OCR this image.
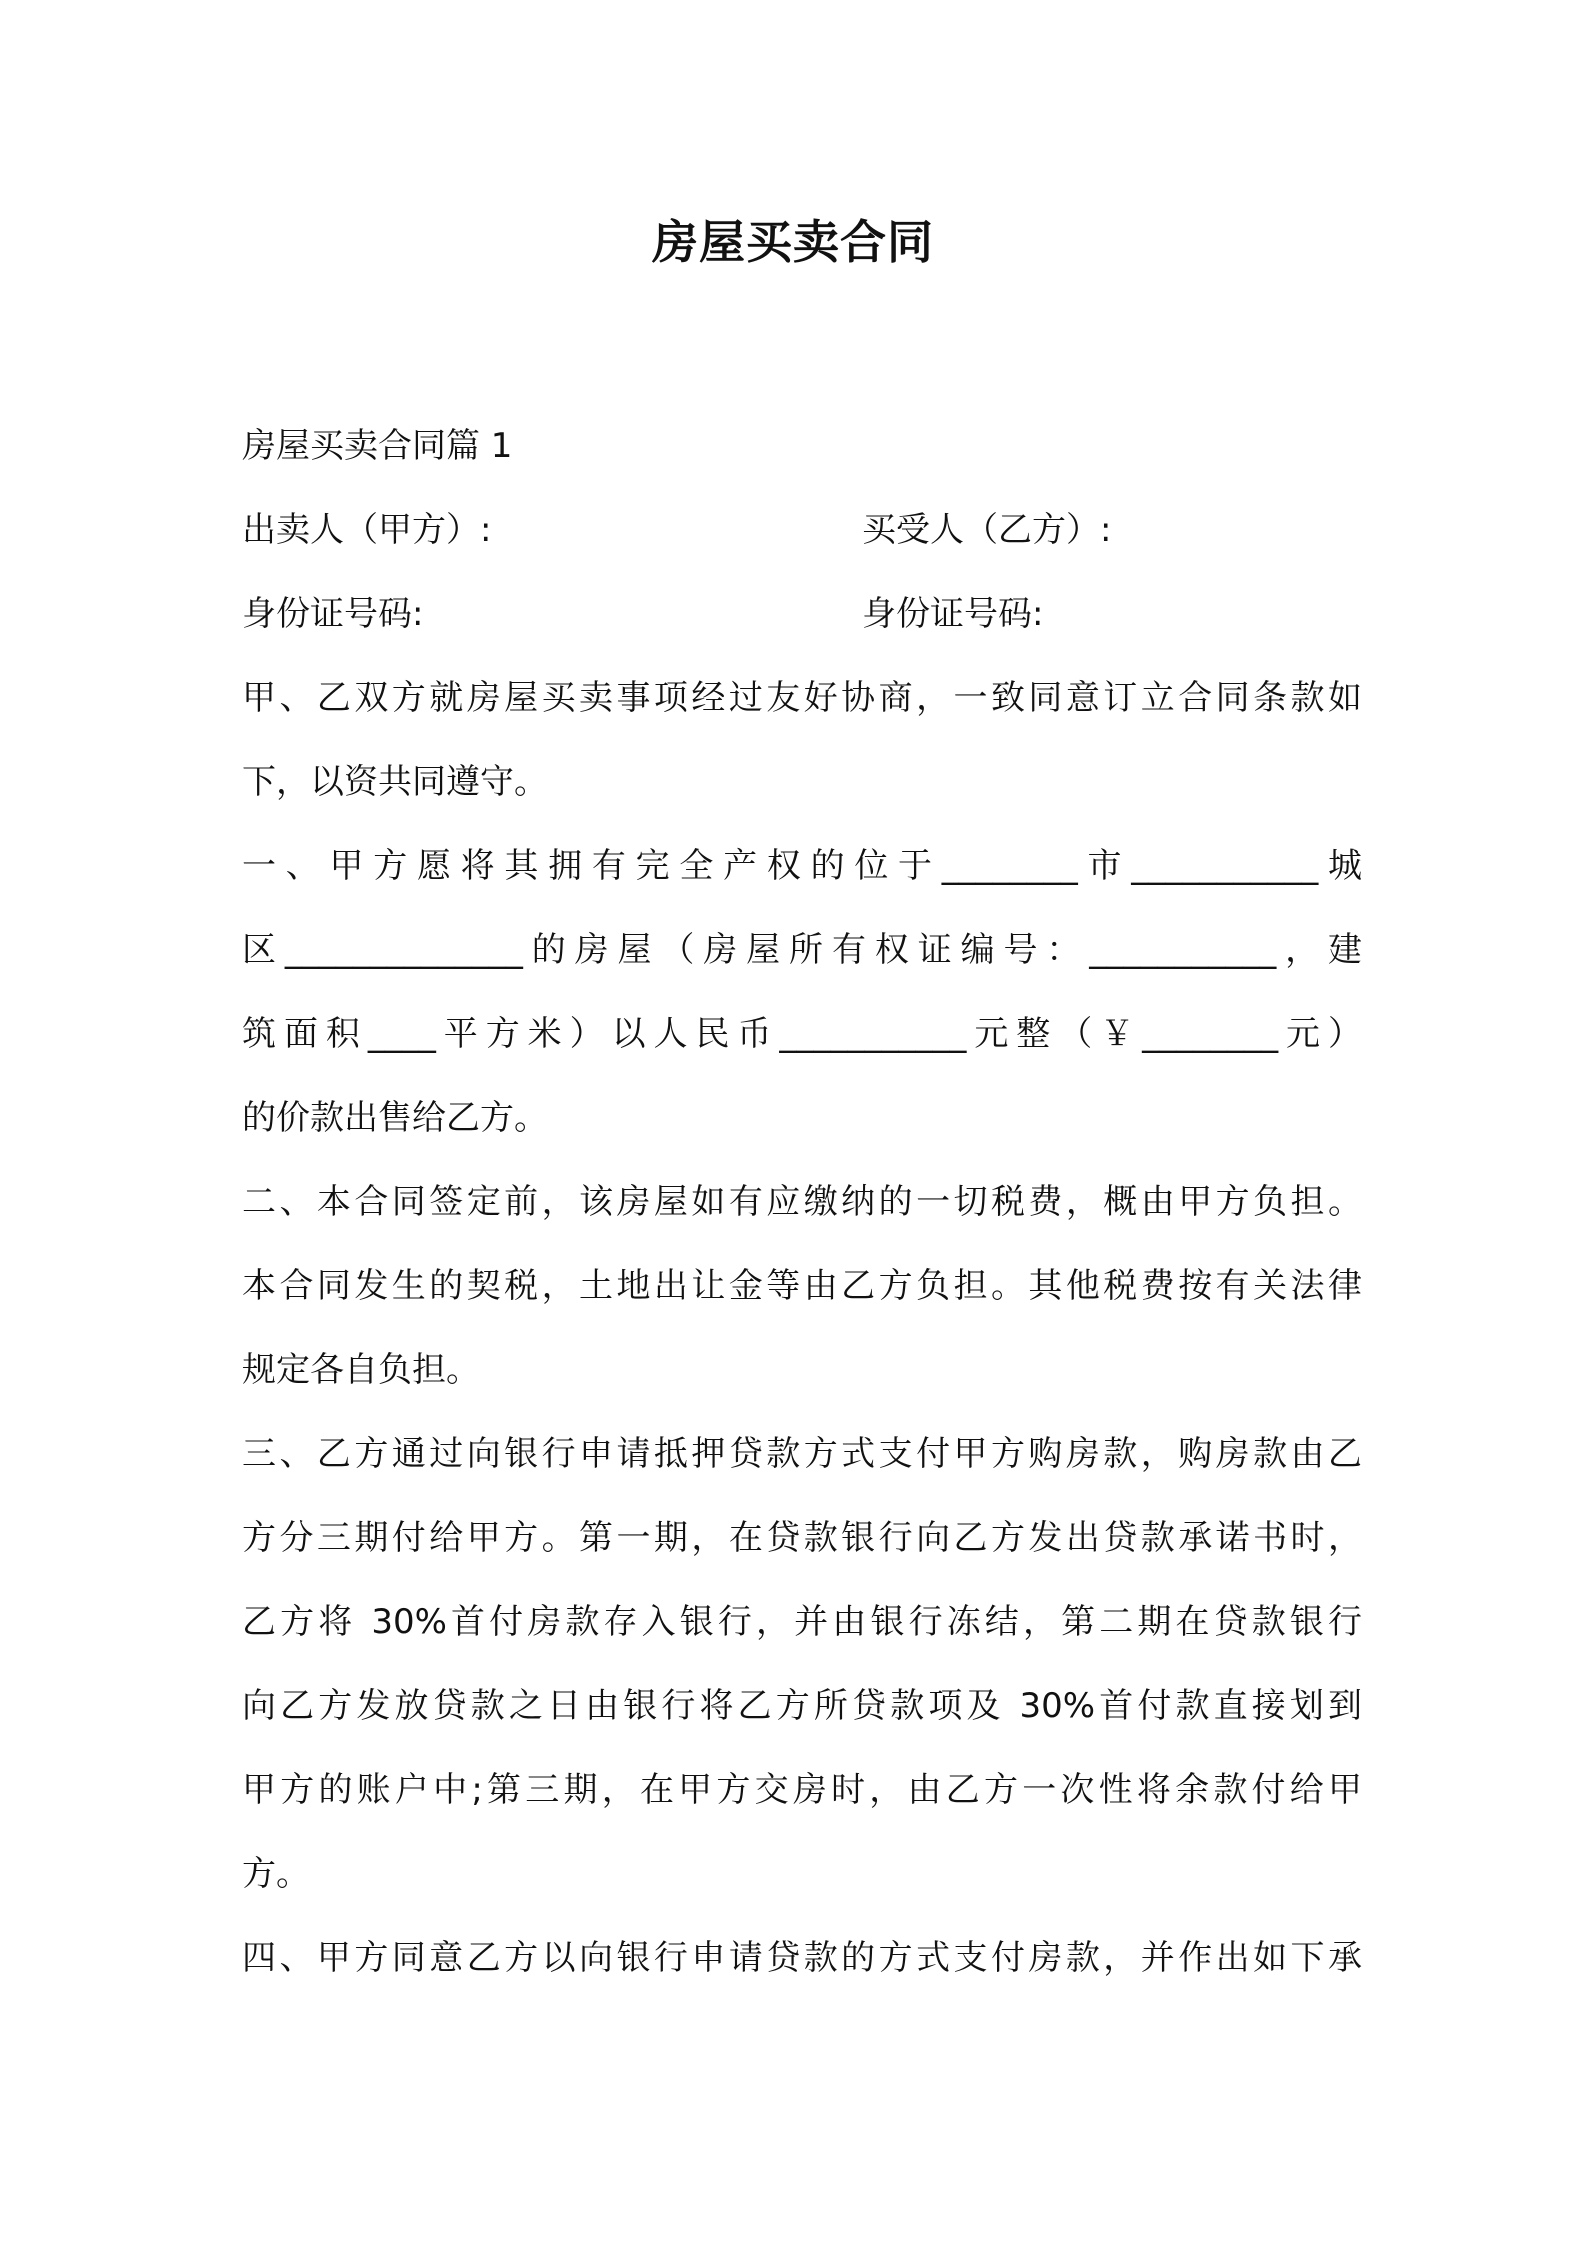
房屋买卖合同
房屋买卖合同篇 1
出卖人（甲方）:	买受人（乙方）:
身份证号码:	身份证号码:
甲、乙双方就房屋买卖事项经过友好协商，一致同意订立合同条款如
下，以资共同遵守。
一、甲方愿将其拥有完全产权的位于________市___________城
区______________的房屋（房屋所有权证编号：___________，建
筑面积____平方米）以人民币___________元整（￥________元）
的价款出售给乙方。
二、本合同签定前，该房屋如有应缴纳的一切税费，概由甲方负担。
本合同发生的契税，土地出让金等由乙方负担。其他税费按有关法律
规定各自负担。
三、乙方通过向银行申请抵押贷款方式支付甲方购房款，购房款由乙
方分三期付给甲方。第一期，在贷款银行向乙方发出贷款承诺书时，
乙方将 30%首付房款存入银行，并由银行冻结，第二期在贷款银行
向乙方发放贷款之日由银行将乙方所贷款项及 30%首付款直接划到
甲方的账户中;第三期，在甲方交房时，由乙方一次性将余款付给甲
方。
四、甲方同意乙方以向银行申请贷款的方式支付房款，并作出如下承
